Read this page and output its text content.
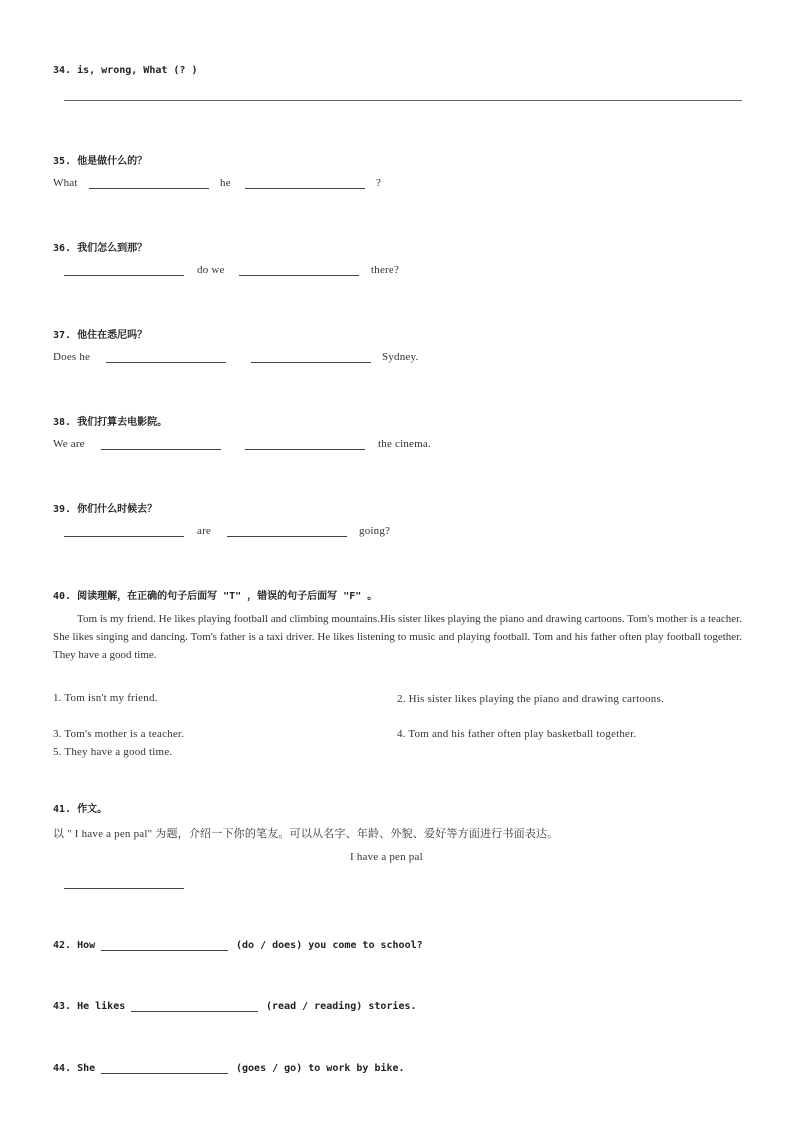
34. is, wrong, What (? )
35. 他是做什么的？
What	he	?
36. 我们怎么到那？
do we	there?
37. 他住在悉尼吗？
Does he	Sydney.
38. 我们打算去电影院。
We are	the cinema.
39. 你们什么时候去？
are	going?
40. 阅读理解，在正确的句子后面写 "T" ，错误的句子后面写 "F" 。
Tom is my friend. He likes playing football and climbing mountains.His sister likes playing the piano and drawing cartoons. Tom's mother is a teacher. She likes singing and dancing. Tom's father is a taxi driver. He likes listening to music and playing football. Tom and his father often play football together. They have a good time.
1. Tom isn't my friend.	2. His sister likes playing the piano and drawing cartoons.
3. Tom's mother is a teacher.	4. Tom and his father often play basketball together.
5. They have a good time.
41. 作文。
以 " I have a pen pal" 为题，介绍一下你的笔友。可以从名字、年龄、外貌、爱好等方面进行书面表达。
I have a pen pal
42. How	(do / does) you come to school?
43. He likes	(read / reading) stories.
44. She	(goes / go) to work by bike.
